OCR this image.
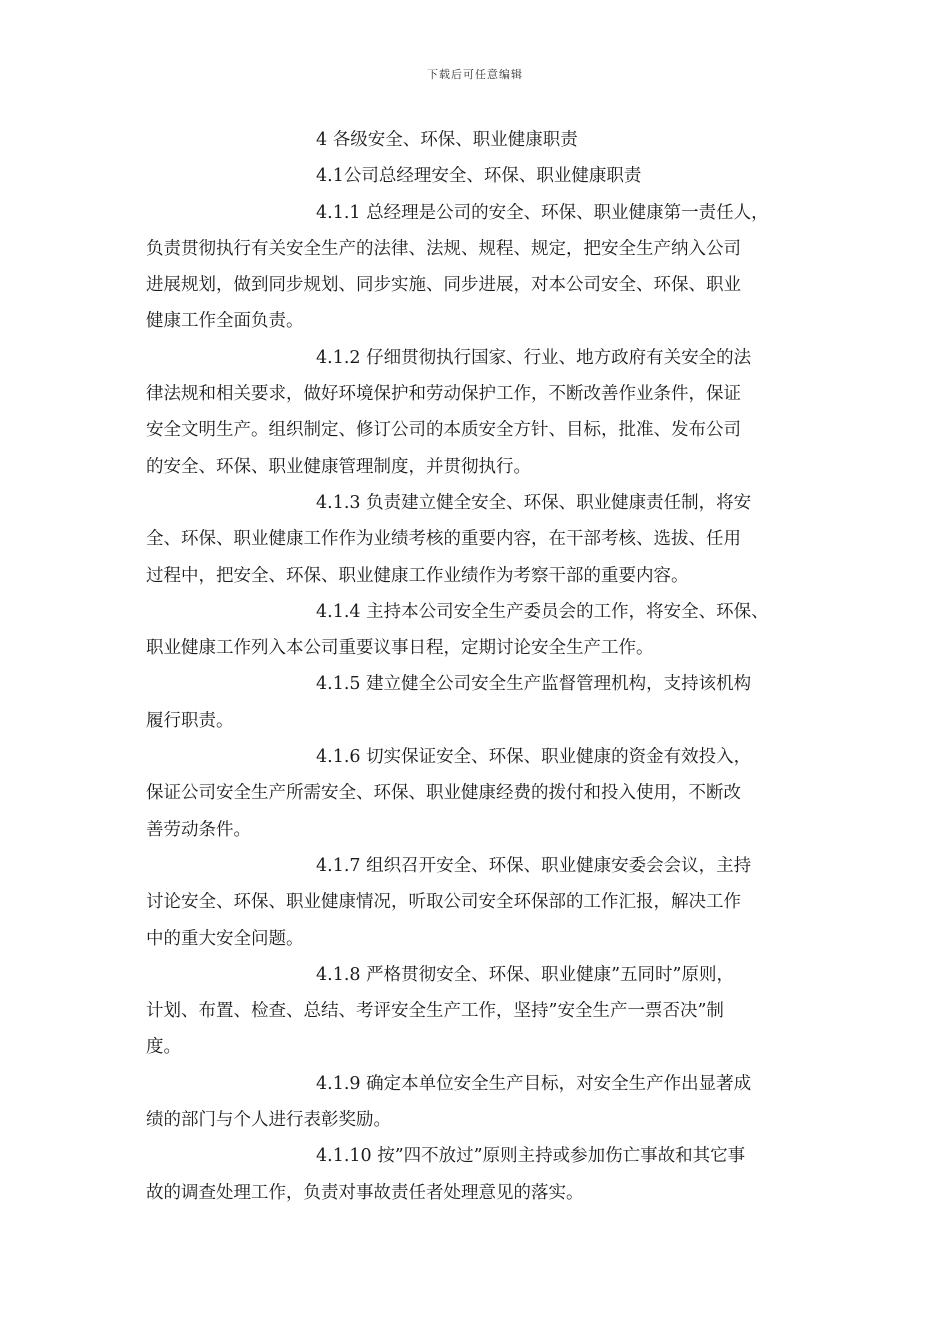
下载后可任意编辑
4 各级安全、环保、职业健康职责
4.1公司总经理安全、环保、职业健康职责
4.1.1 总经理是公司的安全、环保、职业健康第一责任人，
负责贯彻执行有关安全生产的法律、法规、规程、规定，把安全生产纳入公司
进展规划，做到同步规划、同步实施、同步进展，对本公司安全、环保、职业
健康工作全面负责。
4.1.2 仔细贯彻执行国家、行业、地方政府有关安全的法
律法规和相关要求，做好环境保护和劳动保护工作，不断改善作业条件，保证
安全文明生产。组织制定、修订公司的本质安全方针、目标，批准、发布公司
的安全、环保、职业健康管理制度，并贯彻执行。
4.1.3 负责建立健全安全、环保、职业健康责任制，将安
全、环保、职业健康工作作为业绩考核的重要内容，在干部考核、选拔、任用
过程中，把安全、环保、职业健康工作业绩作为考察干部的重要内容。
4.1.4 主持本公司安全生产委员会的工作，将安全、环保、
职业健康工作列入本公司重要议事日程，定期讨论安全生产工作。
4.1.5 建立健全公司安全生产监督管理机构，支持该机构
履行职责。
4.1.6 切实保证安全、环保、职业健康的资金有效投入，
保证公司安全生产所需安全、环保、职业健康经费的拨付和投入使用，不断改
善劳动条件。
4.1.7 组织召开安全、环保、职业健康安委会会议，主持
讨论安全、环保、职业健康情况，听取公司安全环保部的工作汇报，解决工作
中的重大安全问题。
4.1.8 严格贯彻安全、环保、职业健康”五同时”原则，
计划、布置、检查、总结、考评安全生产工作，坚持”安全生产一票否决”制
度。
4.1.9 确定本单位安全生产目标，对安全生产作出显著成
绩的部门与个人进行表彰奖励。
4.1.10 按”四不放过”原则主持或参加伤亡事故和其它事
故的调查处理工作，负责对事故责任者处理意见的落实。
